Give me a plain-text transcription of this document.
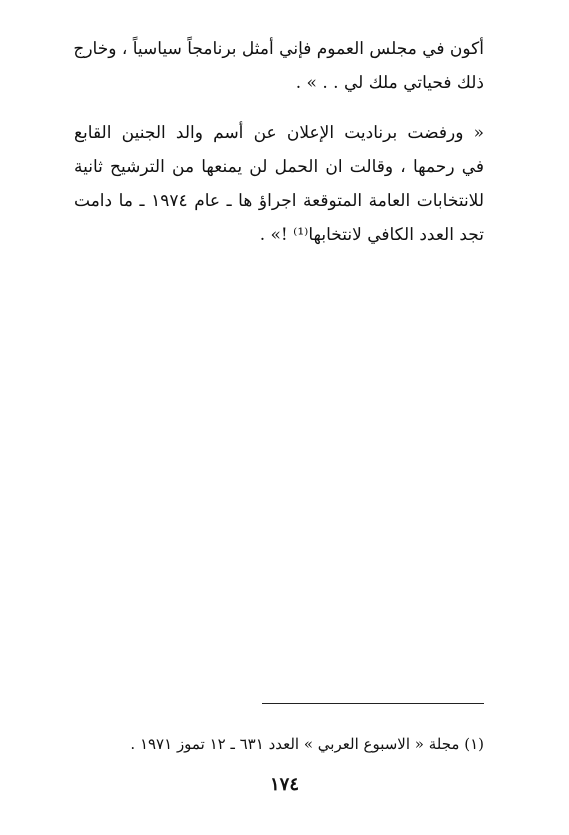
أكون في مجلس العموم فإني أمثل برنامجاً سياسياً ، وخارج
ذلك فحياتي ملك لي . . » .
« ورفضت برناديت الإعلان عن أسم والد الجنين القابع
في رحمها ، وقالت ان الحمل لن يمنعها من الترشيح ثانية
للانتخابات العامة المتوقعة اجراؤ ها ـ عام ١٩٧٤ ـ ما دامت
تجد العدد الكافي لانتخابها⁽¹⁾ !» .
(١) مجلة « الاسبوع العربي » العدد ٦٣١ ـ ١٢ تموز ١٩٧١ .
١٧٤
